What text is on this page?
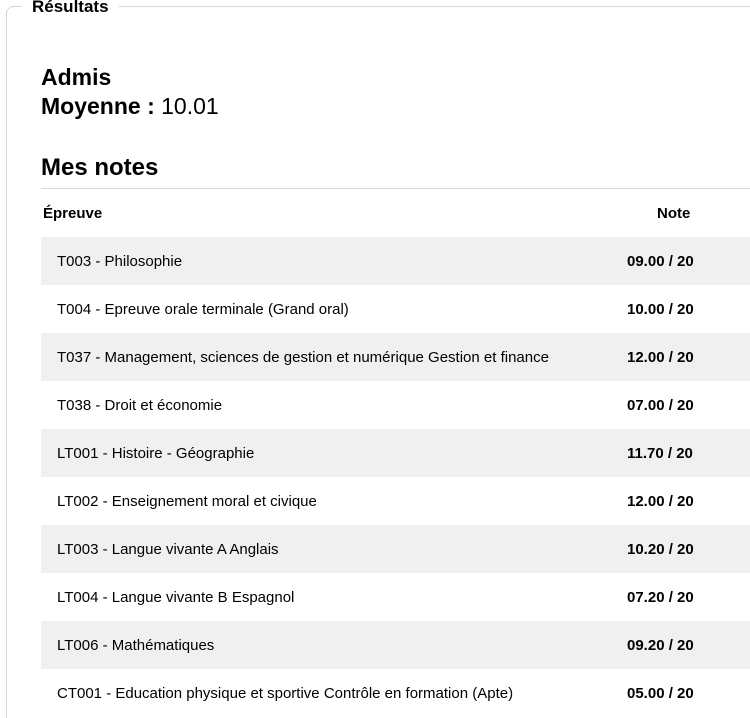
Résultats
Admis
Moyenne : 10.01
Mes notes
Épreuve	Note
T003 - Philosophie	09.00 / 20
T004 - Epreuve orale terminale (Grand oral)	10.00 / 20
T037 - Management, sciences de gestion et numérique Gestion et finance	12.00 / 20
T038 - Droit et économie	07.00 / 20
LT001 - Histoire - Géographie	11.70 / 20
LT002 - Enseignement moral et civique	12.00 / 20
LT003 - Langue vivante A Anglais	10.20 / 20
LT004 - Langue vivante B Espagnol	07.20 / 20
LT006 - Mathématiques	09.20 / 20
CT001 - Education physique et sportive Contrôle en formation (Apte)	05.00 / 20
